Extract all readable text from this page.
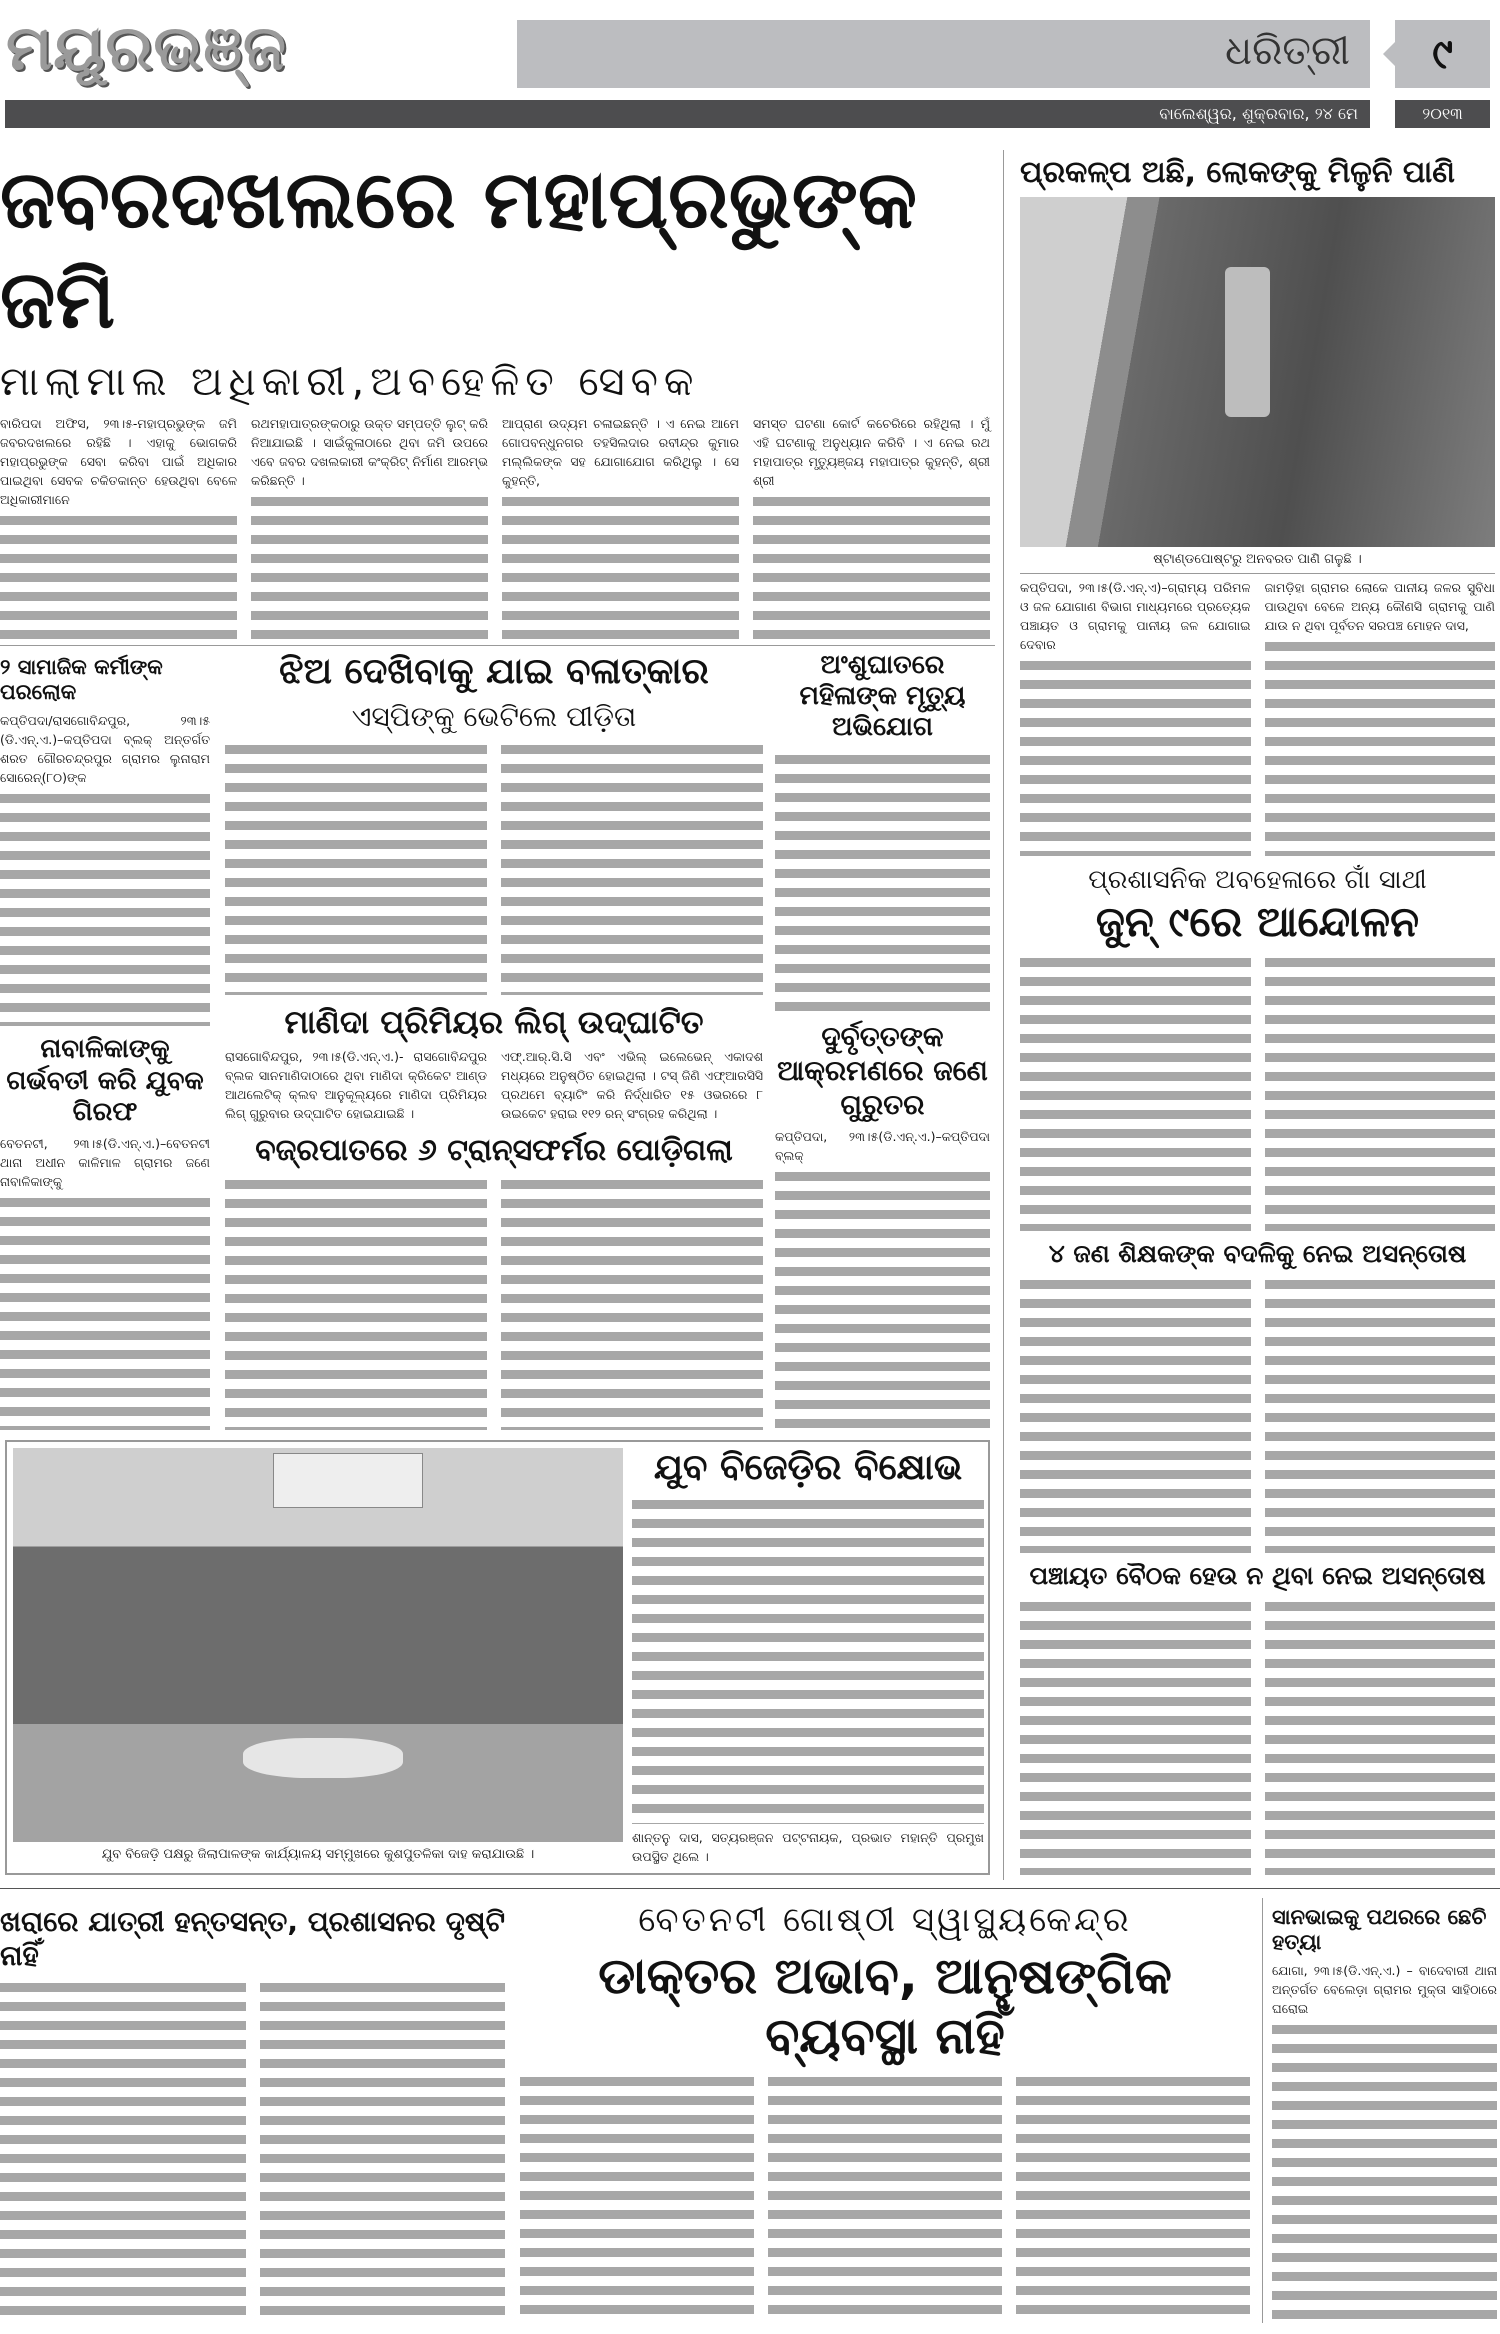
ମୟୂରଭଞ୍ଜ	ଧରିତ୍ରୀ	୯
ବାଲେଶ୍ୱର, ଶୁକ୍ରବାର, ୨୪ ମେ	୨୦୧୩
ଜବରଦଖଲରେ ମହାପ୍ରଭୁଙ୍କ ଜମି
ମାଲାମାଲ ଅଧିକାରୀ,ଅବହେଳିତ ସେବକ
ବାରିପଦା ଅଫିସ, ୨୩।୫-ମହାପ୍ରଭୁଙ୍କ ଜମି ଜବରଦଖଲରେ ରହିଛି । ଏହାକୁ ଭୋଗକରି ମହାପ୍ରଭୁଙ୍କ ସେବା କରିବା ପାଇଁ ଅଧିକାର ପାଇଥିବା ସେବକ ଚକିତକାନ୍ତ ହେଉଥିବା ବେଳେ ଅଧିକାରୀମାନେ
ରଥମହାପାତ୍ରଙ୍କଠାରୁ ଉକ୍ତ ସମ୍ପତ୍ତି ଲୁଟ୍ କରି ନିଆଯାଇଛି । ସାଇଁକୁଳାଠାରେ ଥିବା ଜମି ଉପରେ ଏବେ ଜବର ଦଖଲକାରୀ କଂକ୍ରିଟ୍ ନିର୍ମାଣ ଆରମ୍ଭ କରିଛନ୍ତି ।
ଆପ୍ରାଣ ଉଦ୍ୟମ ଚଳାଇଛନ୍ତି । ଏ ନେଇ ଆମେ ଗୋପବନ୍ଧୁନଗର ତହସିଲଦାର ରବୀନ୍ଦ୍ର କୁମାର ମଲ୍ଲିକଙ୍କ ସହ ଯୋଗାଯୋଗ କରିଥିଲୁ । ସେ କୁହନ୍ତି,
ସମସ୍ତ ଘଟଣା କୋର୍ଟ କଚେରିରେ ରହିଥିଲା । ମୁଁ ଏହି ଘଟଣାକୁ ଅନୁଧ୍ୟାନ କରିବି । ଏ ନେଇ ରଥ ମହାପାତ୍ର ମୃତ୍ୟୁଞ୍ଜୟ ମହାପାତ୍ର କୁହନ୍ତି, ଶ୍ରୀ ଶ୍ରୀ
ପ୍ରକଳ୍ପ ଅଛି, ଲୋକଙ୍କୁ ମିଳୁନି ପାଣି
ଷ୍ଟାଣ୍ଡପୋଷ୍ଟରୁ ଅନବରତ ପାଣି ଗଳୁଛି ।
କପ୍ତିପଦା, ୨୩।୫(ଡି.ଏନ୍.ଏ)–ଗ୍ରାମ୍ୟ ପରିମଳ ଓ ଜଳ ଯୋଗାଣ ବିଭାଗ ମାଧ୍ୟମରେ ପ୍ରତ୍ୟେକ ପଞ୍ଚାୟତ ଓ ଗ୍ରାମକୁ ପାନୀୟ ଜଳ ଯୋଗାଇ ଦେବାର
ଜାମଡ଼ିହା ଗ୍ରାମର ଲୋକେ ପାନୀୟ ଜଳର ସୁବିଧା ପାଉଥିବା ବେଳେ ଅନ୍ୟ କୌଣସି ଗ୍ରାମକୁ ପାଣି ଯାଉ ନ ଥିବା ପୂର୍ବତନ ସରପଞ୍ଚ ମୋହନ ଦାସ,
ପ୍ରଶାସନିକ ଅବହେଳାରେ ଗାଁ ସାଥୀ
ଜୁନ୍ ୯ରେ ଆନ୍ଦୋଳନ
୪ ଜଣ ଶିକ୍ଷକଙ୍କ ବଦଳିକୁ ନେଇ ଅସନ୍ତୋଷ
ପଞ୍ଚାୟତ ବୈଠକ ହେଉ ନ ଥିବା ନେଇ ଅସନ୍ତୋଷ
୨ ସାମାଜିକ କର୍ମୀଙ୍କ ପରଲୋକ
କପ୍ତିପଦା/ରାସଗୋବିନ୍ଦପୁର, ୨୩।୫ (ଡି.ଏନ୍.ଏ.)–କପ୍ତିପଦା ବ୍ଲକ୍ ଅନ୍ତର୍ଗତ ଶରତ ଗୌରଚନ୍ଦ୍ରପୁର ଗ୍ରାମର ଲୁନାରାମ ସୋରେନ୍(୮୦)ଙ୍କ
ନାବାଳିକାଙ୍କୁ ଗର୍ଭବତୀ କରି ଯୁବକ ଗିରଫ
ବେତନଟୀ, ୨୩।୫(ଡି.ଏନ୍.ଏ.)–ବେତନଟୀ ଥାନା ଅଧୀନ କାଳିମାଳ ଗ୍ରାମର ଜଣେ ନାବାଳିକାଙ୍କୁ
ଝିଅ ଦେଖିବାକୁ ଯାଇ ବଳାତ୍କାର
ଏସ୍‌ପିଙ୍କୁ ଭେଟିଲେ ପୀଡ଼ିତା
ମାଣିଦା ପ୍ରିମିୟର ଲିଗ୍ ଉଦ୍‌ଘାଟିତ
ରାସଗୋବିନ୍ଦପୁର, ୨୩।୫(ଡି.ଏନ୍.ଏ.)- ରାସଗୋବିନ୍ଦପୁର ବ୍ଲକ ସାନମାଣିଦାଠାରେ ଥିବା ମାଣିଦା କ୍ରିକେଟ ଆଣ୍ଡ ଆଥଲେଟିକ୍ କ୍ଲବ ଆନୁକୂଲ୍ୟରେ ମାଣିଦା ପ୍ରିମିୟର ଲିଗ୍ ଗୁରୁବାର ଉଦ୍‌ଘାଟିତ ହୋଇଯାଇଛି ।
ଏଫ୍.ଆର୍.ସି.ସି ଏବଂ ଏଭିଲ୍ ଇଲେଭେନ୍ ଏକାଦଶ ମଧ୍ୟରେ ଅନୁଷ୍ଠିତ ହୋଇଥିଲା । ଟସ୍ ଜିଣି ଏଫ୍ଆରସିସି ପ୍ରଥମେ ବ୍ୟାଟିଂ କରି ନିର୍ଦ୍ଧାରିତ ୧୫ ଓଭରରେ ୮ ଉଇକେଟ ହରାଇ ୧୧୨ ରନ୍ ସଂଗ୍ରହ କରିଥିଲା ।
ବଜ୍ରପାତରେ ୬ ଟ୍ରାନ୍ସଫର୍ମର ପୋଡ଼ିଗଲା
ଅଂଶୁଘାତରେ ମହିଳାଙ୍କ ମୃତ୍ୟୁ ଅଭିଯୋଗ
ଦୁର୍ବୃତ୍ତଙ୍କ ଆକ୍ରମଣରେ ଜଣେ ଗୁରୁତର
କପ୍ତିପଦା, ୨୩।୫(ଡି.ଏନ୍.ଏ.)–କପ୍ତିପଦା ବ୍ଲକ୍
ଯୁବ ବିଜେଡ଼ି ପକ୍ଷରୁ ଜିଲାପାଳଙ୍କ କାର୍ଯ୍ୟାଳୟ ସମ୍ମୁଖରେ କୁଶପୁତଳିକା ଦାହ କରାଯାଉଛି ।
ଯୁବ ବିଜେଡ଼ିର ବିକ୍ଷୋଭ
ଶାନ୍ତନୁ ଦାସ, ସତ୍ୟରଞ୍ଜନ ପଟ୍ଟନାୟକ, ପ୍ରଭାତ ମହାନ୍ତି ପ୍ରମୁଖ ଉପସ୍ଥିତ ଥିଲେ ।
ଖରାରେ ଯାତ୍ରୀ ହନ୍ତସନ୍ତ, ପ୍ରଶାସନର ଦୃଷ୍ଟି ନାହିଁ
ବେତନଟୀ ଗୋଷ୍ଠୀ ସ୍ୱାସ୍ଥ୍ୟକେନ୍ଦ୍ର
ଡାକ୍ତର ଅଭାବ, ଆନୁଷଙ୍ଗିକ ବ୍ୟବସ୍ଥା ନାହିଁ
ସାନଭାଇକୁ ପଥରରେ ଛେଚି ହତ୍ୟା
ଯୋଗା, ୨୩।୫(ଡି.ଏନ୍.ଏ.) – ବାଦେବାରୀ ଥାନା ଅନ୍ତର୍ଗତ ବେଲେଡ଼ା ଗ୍ରାମର ମୁକ୍ତା ସାହିଠାରେ ଘରୋଇ
